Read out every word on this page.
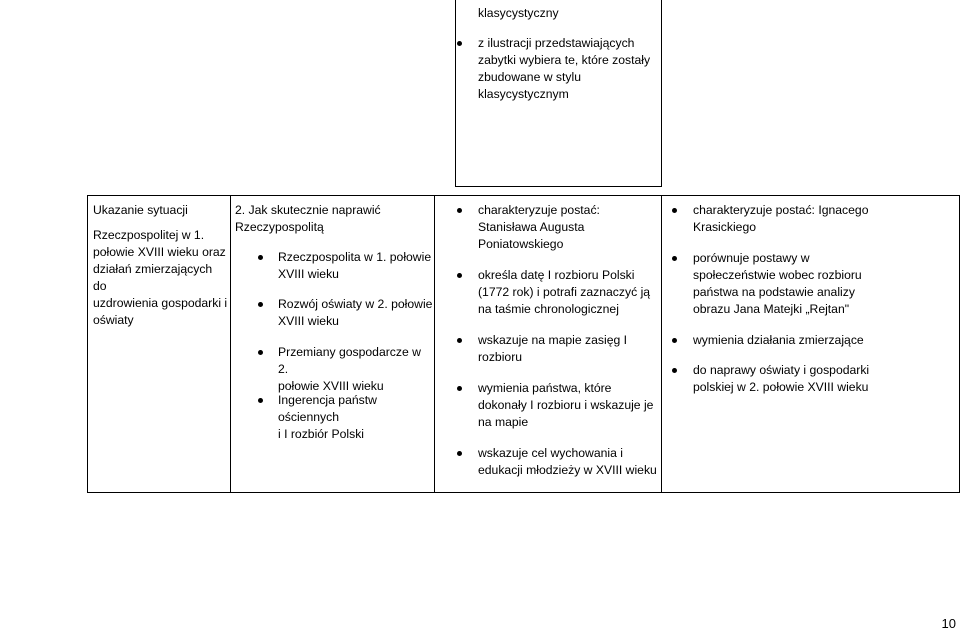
klasycystyczny

z ilustracji przedstawiających

zabytki wybiera te, które zostały

zbudowane w stylu

klasycystycznym

Ukazanie sytuacji

Rzeczpospolitej w 1.

połowie XVIII wieku oraz

działań zmierzających do

uzdrowienia gospodarki i

oświaty

2. Jak skutecznie naprawić

Rzeczypospolitą

Rzeczpospolita w 1. połowie

XVIII wieku

Rozwój oświaty w 2. połowie

XVIII wieku

Przemiany gospodarcze w 2.

połowie XVIII wieku

Ingerencja państw ościennych

i I rozbiór Polski

charakteryzuje postać:

Stanisława Augusta

Poniatowskiego

określa datę I rozbioru Polski

(1772 rok) i potrafi zaznaczyć ją

na taśmie chronologicznej

wskazuje na mapie zasięg I

rozbioru

wymienia państwa, które

dokonały I rozbioru i wskazuje je

na mapie

wskazuje cel wychowania i

edukacji młodzieży w XVIII wieku

charakteryzuje postać: Ignacego

Krasickiego

porównuje postawy w

społeczeństwie wobec rozbioru

państwa na podstawie analizy

obrazu Jana Matejki „Rejtan"

wymienia działania zmierzające

do naprawy oświaty i gospodarki

polskiej w 2. połowie XVIII wieku

10
